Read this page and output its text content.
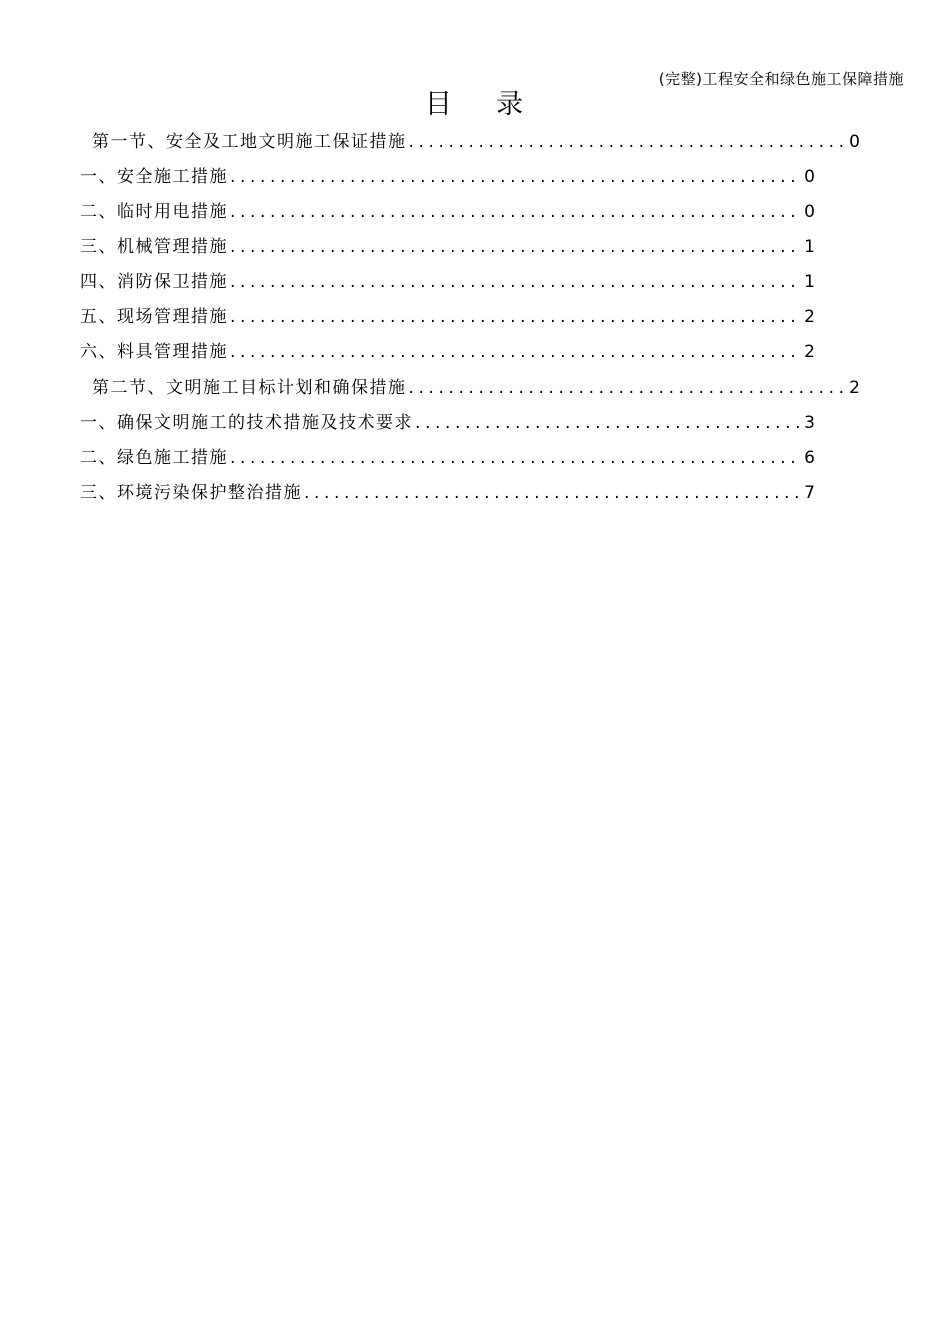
(完整)工程安全和绿色施工保障措施
目    录
第一节、安全及工地文明施工保证措施 .....	0
一、安全施工措施 .....	0
二、临时用电措施 .....	0
三、机械管理措施 .....	1
四、消防保卫措施 .....	1
五、现场管理措施 .....	2
六、料具管理措施 .....	2
第二节、文明施工目标计划和确保措施 .....	2
一、确保文明施工的技术措施及技术要求 .....	3
二、绿色施工措施 .....	6
三、环境污染保护整治措施 .....	7
